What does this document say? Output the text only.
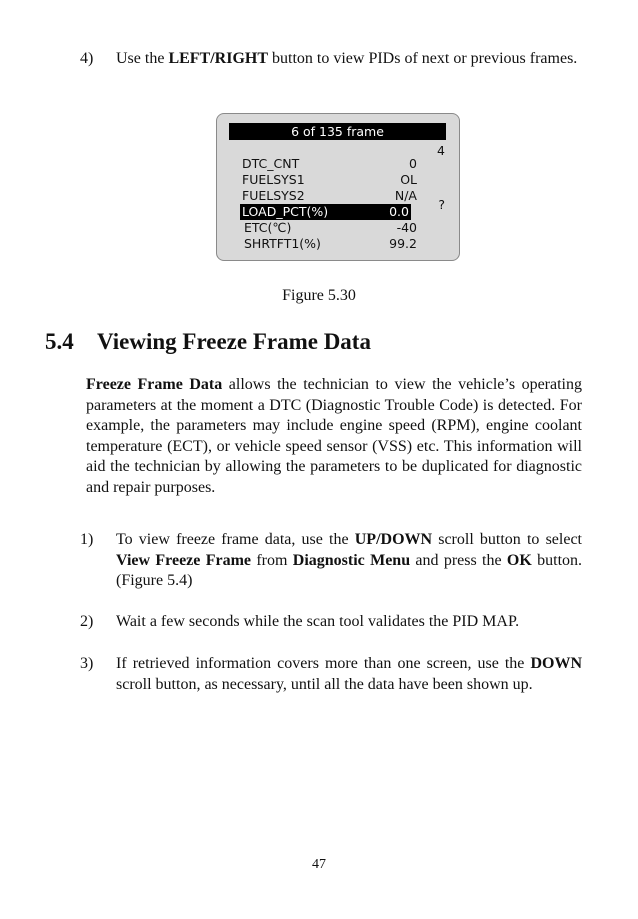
4) Use the LEFT/RIGHT button to view PIDs of next or previous frames.
6 of 135 frame
4
DTC_CNT	0
FUELSYS1	OL
FUELSYS2	N/A
LOAD_PCT(%)	0.0
ETC(℃)	-40
SHRTFT1(%)	99.2
?
Figure 5.30
5.4 Viewing Freeze Frame Data
Freeze Frame Data allows the technician to view the vehicle’s operating parameters at the moment a DTC (Diagnostic Trouble Code) is detected. For example, the parameters may include engine speed (RPM), engine coolant temperature (ECT), or vehicle speed sensor (VSS) etc. This information will aid the technician by allowing the parameters to be duplicated for diagnostic and repair purposes.
1) To view freeze frame data, use the UP/DOWN scroll button to select View Freeze Frame from Diagnostic Menu and press the OK button. (Figure 5.4)
2) Wait a few seconds while the scan tool validates the PID MAP.
3) If retrieved information covers more than one screen, use the DOWN scroll button, as necessary, until all the data have been shown up.
47
